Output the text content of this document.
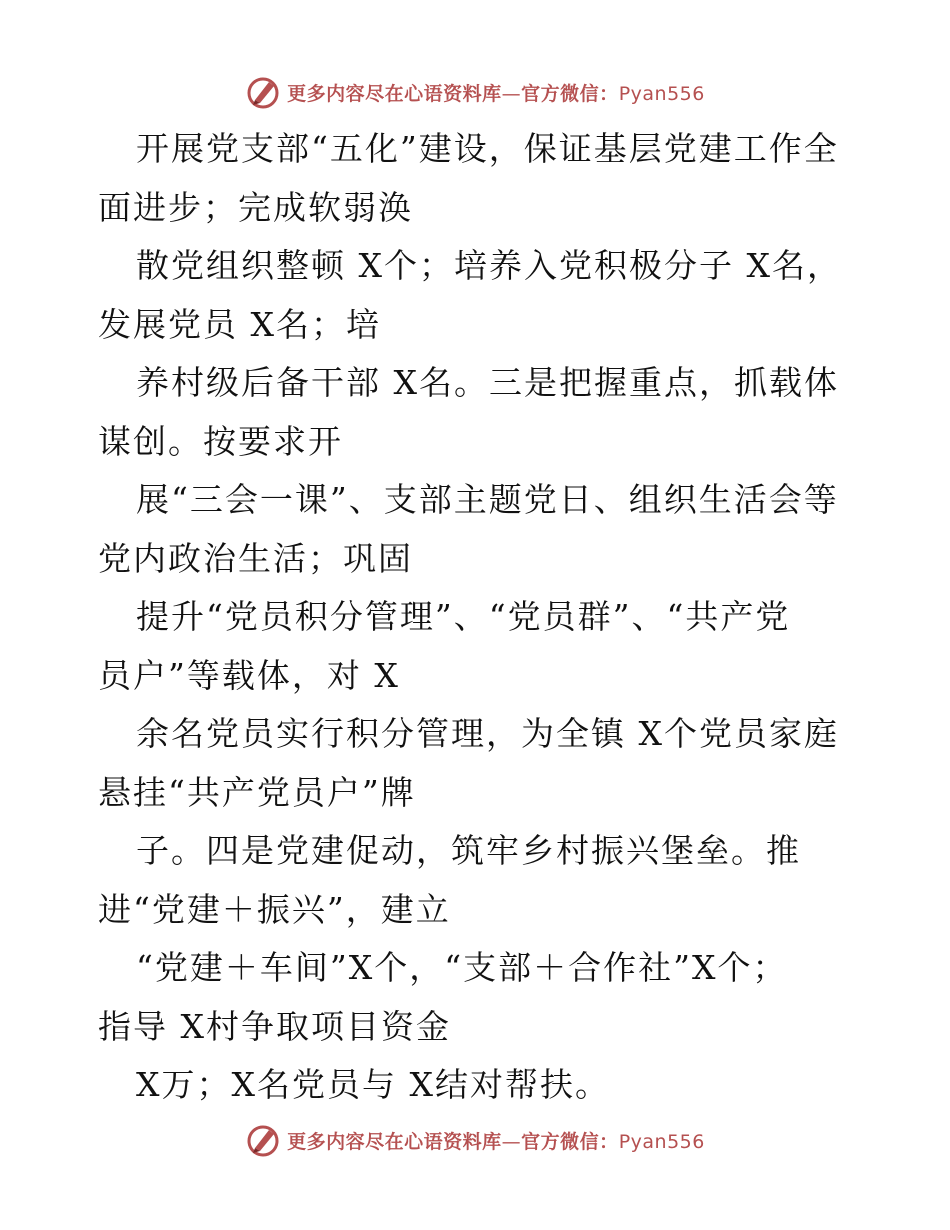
更多内容尽在心语资料库—官方微信：Pyan556
开展党支部“五化”建设，保证基层党建工作全
面进步；完成软弱涣
散党组织整顿 X个；培养入党积极分子 X名，
发展党员 X名；培
养村级后备干部 X名。三是把握重点，抓载体
谋创。按要求开
展“三会一课”、支部主题党日、组织生活会等
党内政治生活；巩固
提升“党员积分管理”、“党员群”、“共产党
员户”等载体，对 X
余名党员实行积分管理，为全镇 X个党员家庭
悬挂“共产党员户”牌
子。四是党建促动，筑牢乡村振兴堡垒。推
进“党建＋振兴”，建立
“党建＋车间”X个，“支部＋合作社”X个；
指导 X村争取项目资金
X万；X名党员与 X结对帮扶。
更多内容尽在心语资料库—官方微信：Pyan556
